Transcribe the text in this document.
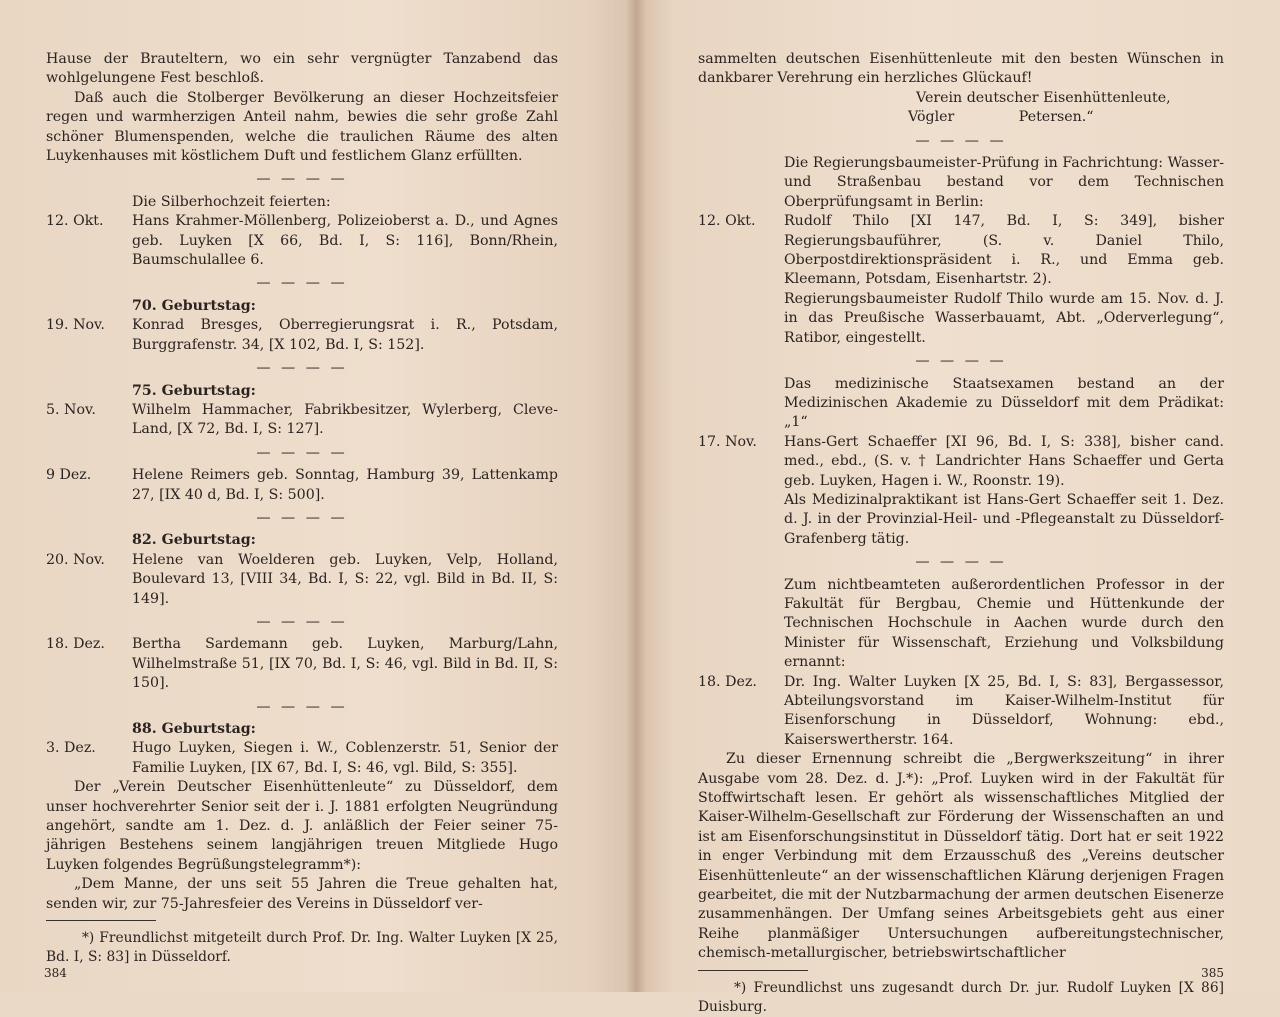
Hause der Brauteltern, wo ein sehr vergnügter Tanzabend das wohlgelungene Fest beschloß.

Daß auch die Stolberger Bevölkerung an dieser Hochzeitsfeier regen und warmherzigen Anteil nahm, bewies die sehr große Zahl schöner Blumenspenden, welche die traulichen Räume des alten Luykenhauses mit köstlichem Duft und festlichem Glanz erfüllten.

— — — —
Die Silberhochzeit feierten:
12. Okt.	Hans Krahmer-Möllenberg, Polizeioberst a. D., und Agnes geb. Luyken [X 66, Bd. I, S: 116], Bonn/Rhein, Baumschulallee 6.
— — — —
70. Geburtstag:
19. Nov.	Konrad Bresges, Oberregierungsrat i. R., Potsdam, Burggrafenstr. 34, [X 102, Bd. I, S: 152].
— — — —
75. Geburtstag:
5. Nov.	Wilhelm Hammacher, Fabrikbesitzer, Wylerberg, Cleve-Land, [X 72, Bd. I, S: 127].
— — — —
9 Dez.	Helene Reimers geb. Sonntag, Hamburg 39, Lattenkamp 27, [IX 40 d, Bd. I, S: 500].
— — — —
82. Geburtstag:
20. Nov.	Helene van Woelderen geb. Luyken, Velp, Holland, Boulevard 13, [VIII 34, Bd. I, S: 22, vgl. Bild in Bd. II, S: 149].
— — — —
18. Dez.	Bertha Sardemann geb. Luyken, Marburg/Lahn, Wilhelmstraße 51, [IX 70, Bd. I, S: 46, vgl. Bild in Bd. II, S: 150].
— — — —
88. Geburtstag:
3. Dez.	Hugo Luyken, Siegen i. W., Coblenzerstr. 51, Senior der Familie Luyken, [IX 67, Bd. I, S: 46, vgl. Bild, S: 355].

Der „Verein Deutscher Eisenhüttenleute“ zu Düsseldorf, dem unser hochverehrter Senior seit der i. J. 1881 erfolgten Neugründung angehört, sandte am 1. Dez. d. J. anläßlich der Feier seiner 75-jährigen Bestehens seinem langjährigen treuen Mitgliede Hugo Luyken folgendes Begrüßungstelegramm*):

„Dem Manne, der uns seit 55 Jahren die Treue gehalten hat, senden wir, zur 75-Jahresfeier des Vereins in Düsseldorf ver-

*) Freundlichst mitgeteilt durch Prof. Dr. Ing. Walter Luyken [X 25, Bd. I, S: 83] in Düsseldorf.

384

sammelten deutschen Eisenhüttenleute mit den besten Wünschen in dankbarer Verehrung ein herzliches Glückauf!

Verein deutscher Eisenhüttenleute,
Vögler Petersen.“
— — — —

Die Regierungsbaumeister-Prüfung in Fachrichtung: Wasser- und Straßenbau bestand vor dem Technischen Oberprüfungsamt in Berlin:

12. Okt.	Rudolf Thilo [XI 147, Bd. I, S: 349], bisher Regierungsbauführer, (S. v. Daniel Thilo, Oberpostdirektionspräsident i. R., und Emma geb. Kleemann, Potsdam, Eisenhartstr. 2).

Regierungsbaumeister Rudolf Thilo wurde am 15. Nov. d. J. in das Preußische Wasserbauamt, Abt. „Oderverlegung“, Ratibor, eingestellt.

— — — —

Das medizinische Staatsexamen bestand an der Medizinischen Akademie zu Düsseldorf mit dem Prädikat: „1“

17. Nov.	Hans-Gert Schaeffer [XI 96, Bd. I, S: 338], bisher cand. med., ebd., (S. v. † Landrichter Hans Schaeffer und Gerta geb. Luyken, Hagen i. W., Roonstr. 19).

Als Medizinalpraktikant ist Hans-Gert Schaeffer seit 1. Dez. d. J. in der Provinzial-Heil- und -Pflegeanstalt zu Düsseldorf-Grafenberg tätig.

— — — —

Zum nichtbeamteten außerordentlichen Professor in der Fakultät für Bergbau, Chemie und Hüttenkunde der Technischen Hochschule in Aachen wurde durch den Minister für Wissenschaft, Erziehung und Volksbildung ernannt:

18. Dez.	Dr. Ing. Walter Luyken [X 25, Bd. I, S: 83], Bergassessor, Abteilungsvorstand im Kaiser-Wilhelm-Institut für Eisenforschung in Düsseldorf, Wohnung: ebd., Kaiserswertherstr. 164.

Zu dieser Ernennung schreibt die „Bergwerkszeitung“ in ihrer Ausgabe vom 28. Dez. d. J.*): „Prof. Luyken wird in der Fakultät für Stoffwirtschaft lesen. Er gehört als wissenschaftliches Mitglied der Kaiser-Wilhelm-Gesellschaft zur Förderung der Wissenschaften an und ist am Eisenforschungsinstitut in Düsseldorf tätig. Dort hat er seit 1922 in enger Verbindung mit dem Erzausschuß des „Vereins deutscher Eisenhüttenleute“ an der wissenschaftlichen Klärung derjenigen Fragen gearbeitet, die mit der Nutzbarmachung der armen deutschen Eisenerze zusammenhängen. Der Umfang seines Arbeitsgebiets geht aus einer Reihe planmäßiger Untersuchungen aufbereitungstechnischer, chemisch-metallurgischer, betriebswirtschaftlicher

*) Freundlichst uns zugesandt durch Dr. jur. Rudolf Luyken [X 86] Duisburg.

385
